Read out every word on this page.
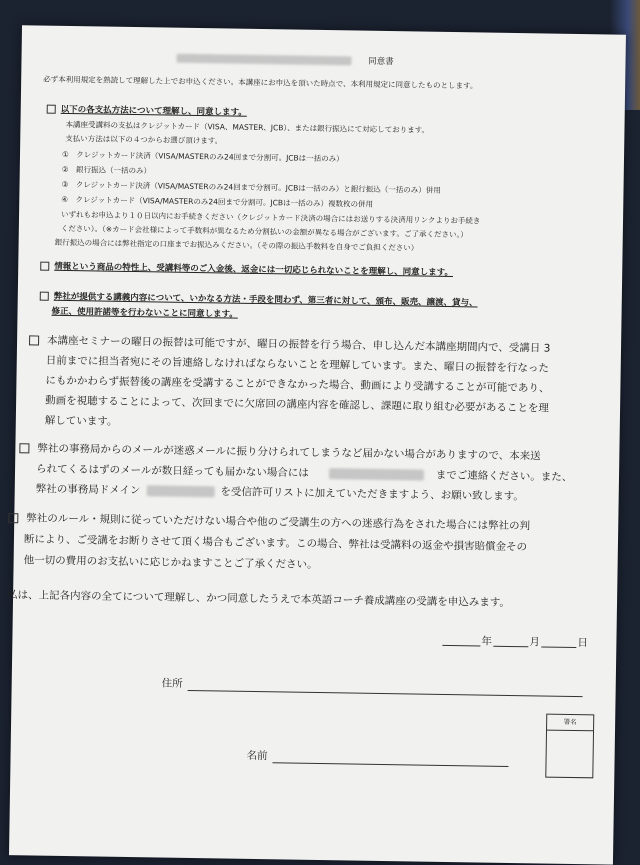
同意書
必ず本利用規定を熟読して理解した上でお申込ください。本講座にお申込を頂いた時点で、本利用規定に同意したものとします。
以下の各支払方法について理解し、同意します。
本講座受講料の支払はクレジットカード（VISA、MASTER、JCB）、または銀行振込にて対応しております。
支払い方法は以下の４つからお選び頂けます。
①　クレジットカード決済（VISA/MASTERのみ24回まで分割可。JCBは一括のみ）
②　銀行振込（一括のみ）
③　クレジットカード決済（VISA/MASTERのみ24回まで分割可。JCBは一括のみ）と銀行振込（一括のみ）併用
④　クレジットカード（VISA/MASTERのみ24回まで分割可。JCBは一括のみ）複数枚の併用
いずれもお申込より１０日以内にお手続きください（クレジットカード決済の場合にはお送りする決済用リンクよりお手続き
ください）。（※カード会社様によって手数料が異なるため分割払いの金額が異なる場合がございます。ご了承ください。）
銀行振込の場合には弊社指定の口座までお振込みください。（その際の振込手数料を自身でご負担ください）
情報という商品の特性上、受講料等のご入金後、返金には一切応じられないことを理解し、同意します。
弊社が提供する講義内容について、いかなる方法・手段を問わず、第三者に対して、頒布、販売、譲渡、貸与、
修正、使用許諾等を行わないことに同意します。
本講座セミナーの曜日の振替は可能ですが、曜日の振替を行う場合、申し込んだ本講座期間内で、受講日 3
日前までに担当者宛にその旨連絡しなければならないことを理解しています。また、曜日の振替を行なった
にもかかわらず振替後の講座を受講することができなかった場合、動画により受講することが可能であり、
動画を視聴することによって、次回までに欠席回の講座内容を確認し、課題に取り組む必要があることを理
解しています。
弊社の事務局からのメールが迷惑メールに振り分けられてしまうなど届かない場合がありますので、本来送
られてくるはずのメールが数日経っても届かない場合には	までご連絡ください。また、
弊社の事務局ドメイン	を受信許可リストに加えていただきますよう、お願い致します。
弊社のルール・規則に従っていただけない場合や他のご受講生の方への迷惑行為をされた場合には弊社の判
断により、ご受講をお断りさせて頂く場合もございます。この場合、弊社は受講料の返金や損害賠償金その
他一切の費用のお支払いに応じかねますことご了承ください。
私は、上記各内容の全てについて理解し、かつ同意したうえで本英語コーチ養成講座の受講を申込みます。
年	月	日
住所
署名
名前
